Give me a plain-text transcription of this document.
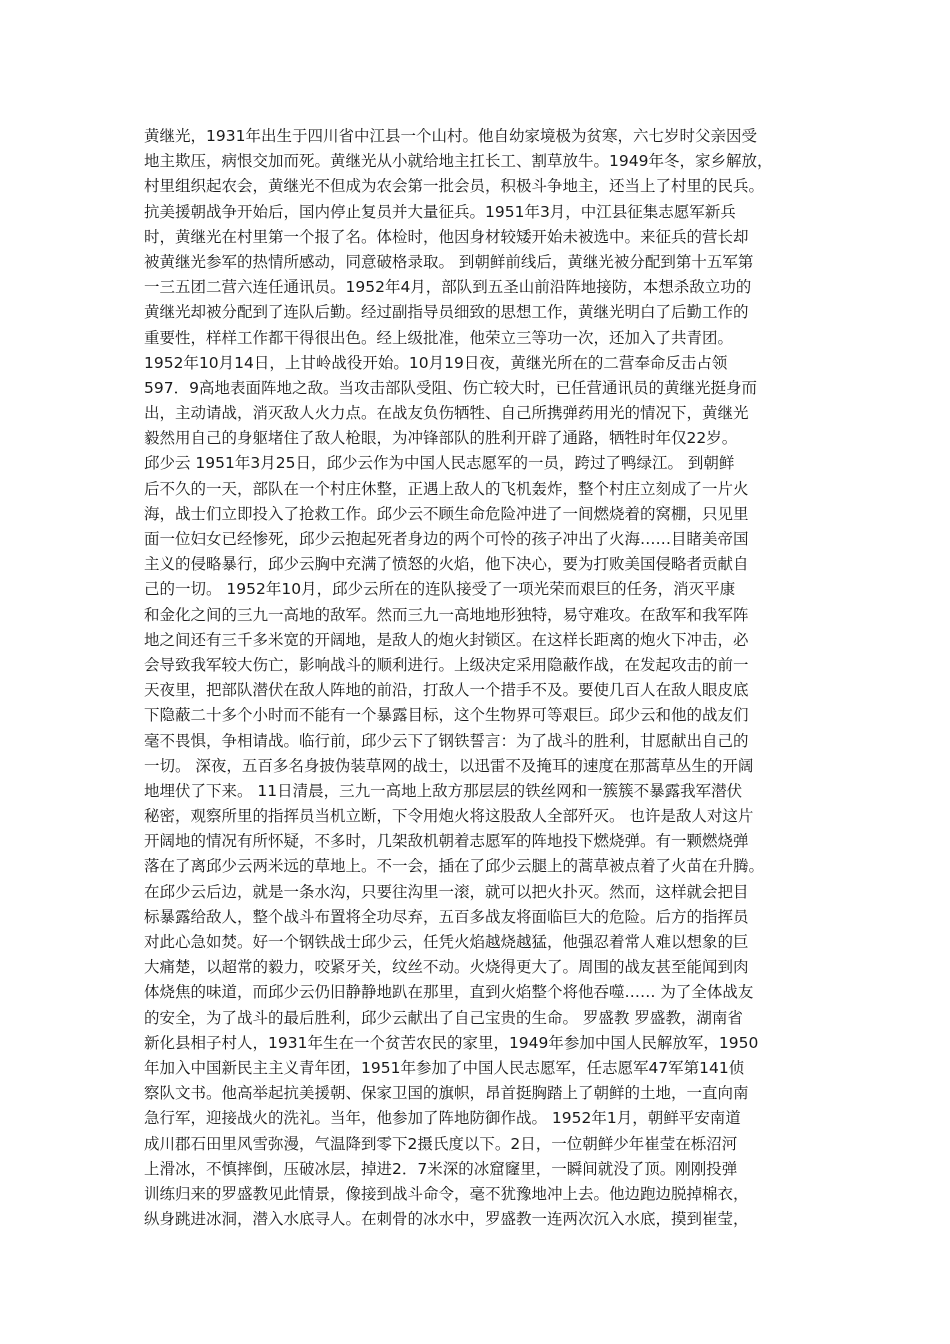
黄继光，1931年出生于四川省中江县一个山村。他自幼家境极为贫寒，六七岁时父亲因受
地主欺压，病恨交加而死。黄继光从小就给地主扛长工、割草放牛。1949年冬，家乡解放，
村里组织起农会，黄继光不但成为农会第一批会员，积极斗争地主，还当上了村里的民兵。
抗美援朝战争开始后，国内停止复员并大量征兵。1951年3月，中江县征集志愿军新兵
时，黄继光在村里第一个报了名。体检时，他因身材较矮开始未被选中。来征兵的营长却
被黄继光参军的热情所感动，同意破格录取。 到朝鲜前线后，黄继光被分配到第十五军第
一三五团二营六连任通讯员。1952年4月，部队到五圣山前沿阵地接防，本想杀敌立功的
黄继光却被分配到了连队后勤。经过副指导员细致的思想工作，黄继光明白了后勤工作的
重要性，样样工作都干得很出色。经上级批准，他荣立三等功一次，还加入了共青团。
1952年10月14日，上甘岭战役开始。10月19日夜，黄继光所在的二营奉命反击占领
597．9高地表面阵地之敌。当攻击部队受阻、伤亡较大时，已任营通讯员的黄继光挺身而
出，主动请战，消灭敌人火力点。在战友负伤牺牲、自己所携弹药用光的情况下，黄继光
毅然用自己的身躯堵住了敌人枪眼，为冲锋部队的胜利开辟了通路，牺牲时年仅22岁。
邱少云 1951年3月25日，邱少云作为中国人民志愿军的一员，跨过了鸭绿江。 到朝鲜
后不久的一天，部队在一个村庄休整，正遇上敌人的飞机轰炸，整个村庄立刻成了一片火
海，战士们立即投入了抢救工作。邱少云不顾生命危险冲进了一间燃烧着的窝棚，只见里
面一位妇女已经惨死，邱少云抱起死者身边的两个可怜的孩子冲出了火海……目睹美帝国
主义的侵略暴行，邱少云胸中充满了愤怒的火焰，他下决心，要为打败美国侵略者贡献自
己的一切。 1952年10月，邱少云所在的连队接受了一项光荣而艰巨的任务，消灭平康
和金化之间的三九一高地的敌军。然而三九一高地地形独特，易守难攻。在敌军和我军阵
地之间还有三千多米宽的开阔地，是敌人的炮火封锁区。在这样长距离的炮火下冲击，必
会导致我军较大伤亡，影响战斗的顺利进行。上级决定采用隐蔽作战，在发起攻击的前一
天夜里，把部队潜伏在敌人阵地的前沿，打敌人一个措手不及。要使几百人在敌人眼皮底
下隐蔽二十多个小时而不能有一个暴露目标，这个生物界可等艰巨。邱少云和他的战友们
毫不畏惧，争相请战。临行前，邱少云下了钢铁誓言：为了战斗的胜利，甘愿献出自己的
一切。 深夜，五百多名身披伪装草网的战士，以迅雷不及掩耳的速度在那蒿草丛生的开阔
地埋伏了下来。 11日清晨，三九一高地上敌方那层层的铁丝网和一簇簇不暴露我军潜伏
秘密，观察所里的指挥员当机立断，下令用炮火将这股敌人全部歼灭。 也许是敌人对这片
开阔地的情况有所怀疑，不多时，几架敌机朝着志愿军的阵地投下燃烧弹。有一颗燃烧弹
落在了离邱少云两米远的草地上。不一会，插在了邱少云腿上的蒿草被点着了火苗在升腾。
在邱少云后边，就是一条水沟，只要往沟里一滚，就可以把火扑灭。然而，这样就会把目
标暴露给敌人，整个战斗布置将全功尽弃，五百多战友将面临巨大的危险。后方的指挥员
对此心急如焚。好一个钢铁战士邱少云，任凭火焰越烧越猛，他强忍着常人难以想象的巨
大痛楚，以超常的毅力，咬紧牙关，纹丝不动。火烧得更大了。周围的战友甚至能闻到肉
体烧焦的味道，而邱少云仍旧静静地趴在那里，直到火焰整个将他吞噬…… 为了全体战友
的安全，为了战斗的最后胜利，邱少云献出了自己宝贵的生命。 罗盛教 罗盛教，湖南省
新化县相子村人，1931年生在一个贫苦农民的家里，1949年参加中国人民解放军，1950
年加入中国新民主主义青年团，1951年参加了中国人民志愿军，任志愿军47军第141侦
察队文书。他高举起抗美援朝、保家卫国的旗帜，昂首挺胸踏上了朝鲜的土地，一直向南
急行军，迎接战火的洗礼。当年，他参加了阵地防御作战。 1952年1月，朝鲜平安南道
成川郡石田里风雪弥漫，气温降到零下2摄氏度以下。2日，一位朝鲜少年崔莹在栎沼河
上滑冰，不慎摔倒，压破冰层，掉进2．7米深的冰窟窿里，一瞬间就没了顶。刚刚投弹
训练归来的罗盛教见此情景，像接到战斗命令，毫不犹豫地冲上去。他边跑边脱掉棉衣，
纵身跳进冰洞，潜入水底寻人。在刺骨的冰水中，罗盛教一连两次沉入水底，摸到崔莹，
